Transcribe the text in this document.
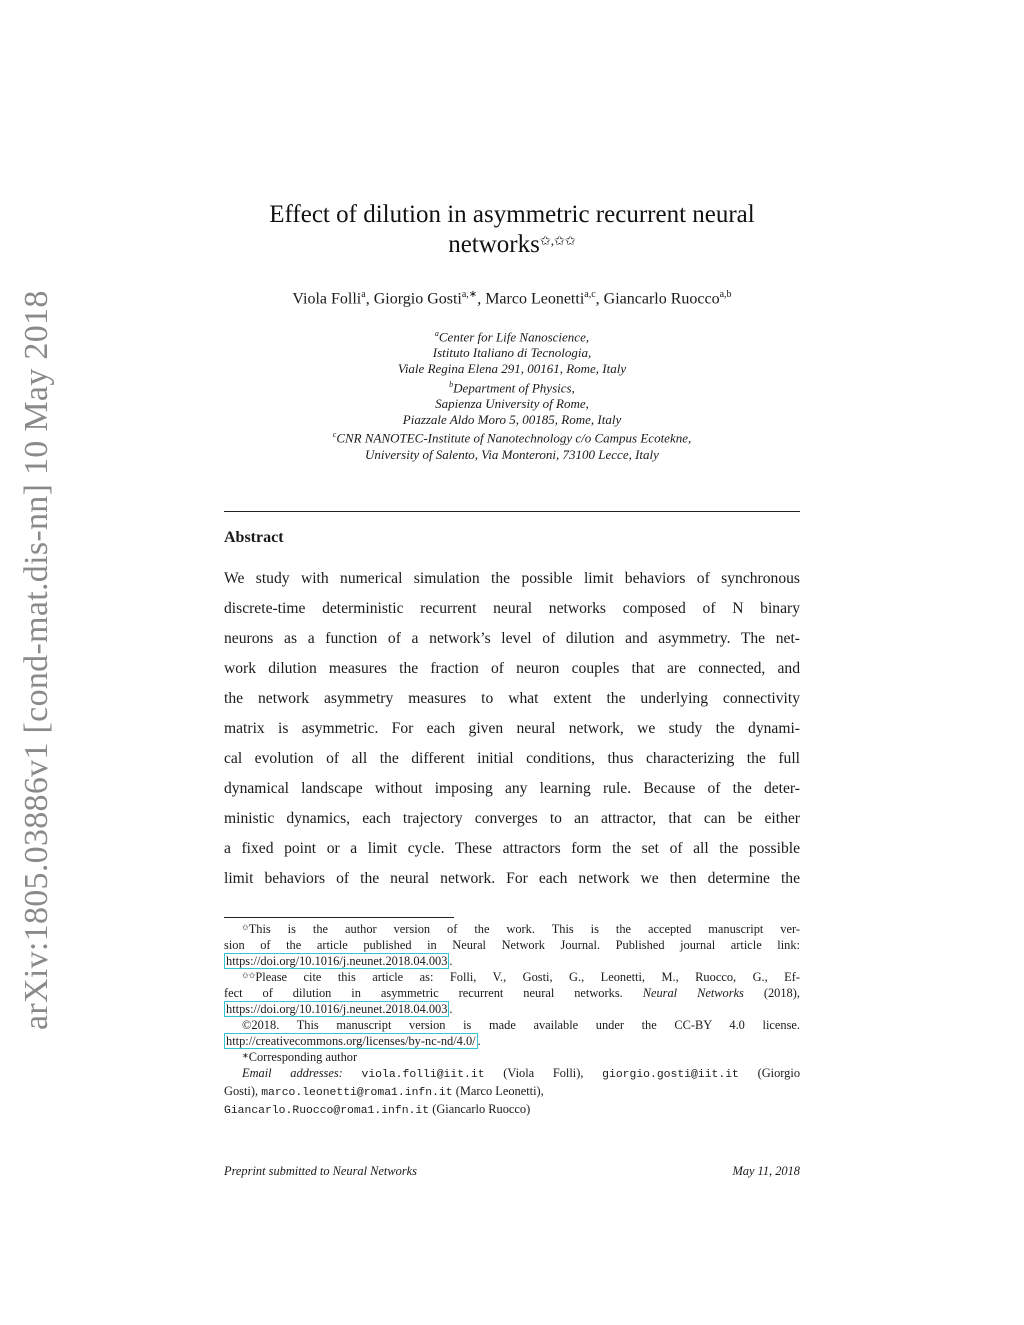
arXiv:1805.03886v1 [cond-mat.dis-nn] 10 May 2018
Effect of dilution in asymmetric recurrent neural
networks✩,✩✩
Viola Folli$^a$, Giorgio Gosti$^{a,∗}$, Marco Leonetti$^{a,c}$, Giancarlo Ruocco$^{a,b}$
$^a$Center for Life Nanoscience,
Istituto Italiano di Tecnologia,
Viale Regina Elena 291, 00161, Rome, Italy
$^b$Department of Physics,
Sapienza University of Rome,
Piazzale Aldo Moro 5, 00185, Rome, Italy
$^c$CNR NANOTEC-Institute of Nanotechnology c/o Campus Ecotekne,
University of Salento, Via Monteroni, 73100 Lecce, Italy
Abstract
We study with numerical simulation the possible limit behaviors of synchronous
discrete-time deterministic recurrent neural networks composed of N binary
neurons as a function of a network’s level of dilution and asymmetry. The net-
work dilution measures the fraction of neuron couples that are connected, and
the network asymmetry measures to what extent the underlying connectivity
matrix is asymmetric. For each given neural network, we study the dynami-
cal evolution of all the different initial conditions, thus characterizing the full
dynamical landscape without imposing any learning rule. Because of the deter-
ministic dynamics, each trajectory converges to an attractor, that can be either
a fixed point or a limit cycle. These attractors form the set of all the possible
limit behaviors of the neural network. For each network we then determine the
✩This is the author version of the work. This is the accepted manuscript ver-
sion of the article published in Neural Network Journal. Published journal article link:
https://doi.org/10.1016/j.neunet.2018.04.003 .
✩✩Please cite this article as: Folli, V., Gosti, G., Leonetti, M., Ruocco, G., Ef-
fect of dilution in asymmetric recurrent neural networks. Neural Networks (2018),
https://doi.org/10.1016/j.neunet.2018.04.003 .
©2018. This manuscript version is made available under the CC-BY 4.0 license.
http://creativecommons.org/licenses/by-nc-nd/4.0/ .
∗Corresponding author
Email addresses: viola.folli@iit.it (Viola Folli), giorgio.gosti@iit.it (Giorgio
Gosti), marco.leonetti@roma1.infn.it (Marco Leonetti),
Giancarlo.Ruocco@roma1.infn.it (Giancarlo Ruocco)
Preprint submitted to Neural Networks	May 11, 2018
